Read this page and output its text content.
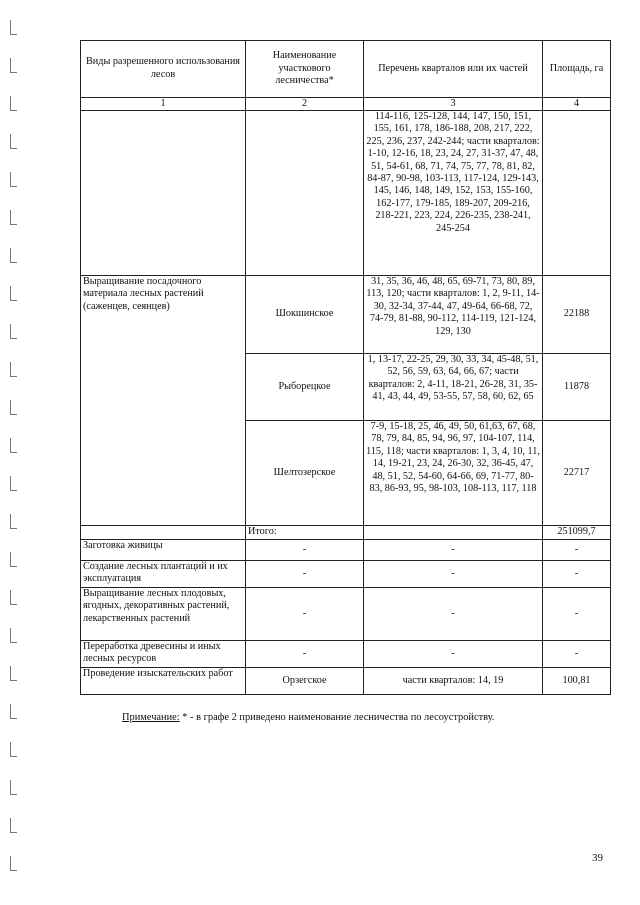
Виды разрешенного использования лесов	Наименование участкового лесничества*	Перечень кварталов или их частей	Площадь, га
1	2	3	4
		114-116, 125-128, 144, 147, 150, 151, 155, 161, 178, 186-188, 208, 217, 222, 225, 236, 237, 242-244; части кварталов: 1-10, 12-16, 18, 23, 24, 27, 31-37, 47, 48, 51, 54-61, 68, 71, 74, 75, 77, 78, 81, 82, 84-87, 90-98, 103-113, 117-124, 129-143, 145, 146, 148, 149, 152, 153, 155-160, 162-177, 179-185, 189-207, 209-216, 218-221, 223, 224, 226-235, 238-241, 245-254	
Выращивание посадочного материала лесных растений (саженцев, сеянцев)	Шокшинское	31, 35, 36, 46, 48, 65, 69-71, 73, 80, 89, 113, 120; части кварталов: 1, 2, 9-11, 14-30, 32-34, 37-44, 47, 49-64, 66-68, 72, 74-79, 81-88, 90-112, 114-119, 121-124, 129, 130	22188
	Рыборецкое	1, 13-17, 22-25, 29, 30, 33, 34, 45-48, 51, 52, 56, 59, 63, 64, 66, 67; части кварталов: 2, 4-11, 18-21, 26-28, 31, 35-41, 43, 44, 49, 53-55, 57, 58, 60, 62, 65	11878
	Шелтозерское	7-9, 15-18, 25, 46, 49, 50, 61,63, 67, 68, 78, 79, 84, 85, 94, 96, 97, 104-107, 114, 115, 118; части кварталов: 1, 3, 4, 10, 11, 14, 19-21, 23, 24, 26-30, 32, 36-45, 47, 48, 51, 52, 54-60, 64-66, 69, 71-77, 80-83, 86-93, 95, 98-103, 108-113, 117, 118	22717
	Итого:		251099,7
Заготовка живицы	-	-	-
Создание лесных плантаций и их эксплуатация	-	-	-
Выращивание лесных плодовых, ягодных, декоративных растений, лекарственных растений	-	-	-
Переработка древесины и иных лесных ресурсов	-	-	-
Проведение изыскательских работ	Орзегское	части кварталов: 14, 19	100,81
Примечание: * - в графе 2 приведено наименование лесничества по лесоустройству.
39
